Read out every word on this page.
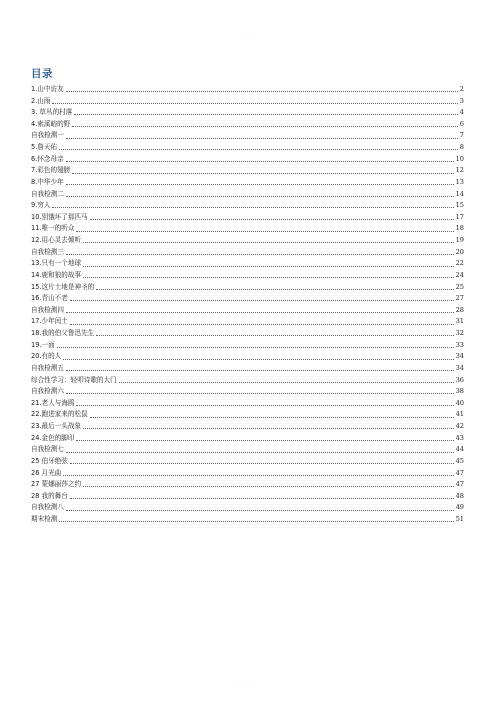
·········
目录
1.山中访友	2
2.山雨	3
3. 草丛的村落	4
4.索溪峪的野	6
自我检测一	7
5.詹天佑	8
6.怀念母亲	10
7.彩色的翅膀	12
8.中华少年	13
自我检测二	14
9.穷人	15
10.别饿坏了那匹马	17
11.唯一的听众	18
12.用心灵去倾听	19
自我检测三	20
13.只有一个地球	22
14.鹿和狼的故事	24
15.这片土地是神圣的	25
16.青山不老	27
自我检测四	28
17.少年闰土	31
18.我的伯父鲁迅先生	32
19.一面	33
20.有的人	34
自我检测五	34
综合性学习：轻叩诗歌的大门	36
自我检测六	38
21.老人与海鸥	40
22.跑进家来的松鼠	41
23.最后一头战象	42
24.金色的脚印	43
自我检测七	44
25 伯牙绝弦	45
26 月光曲	47
27 蒙娜丽莎之约	47
28 我的舞台	48
自我检测八	49
期末检测	51
········ ····· ···
